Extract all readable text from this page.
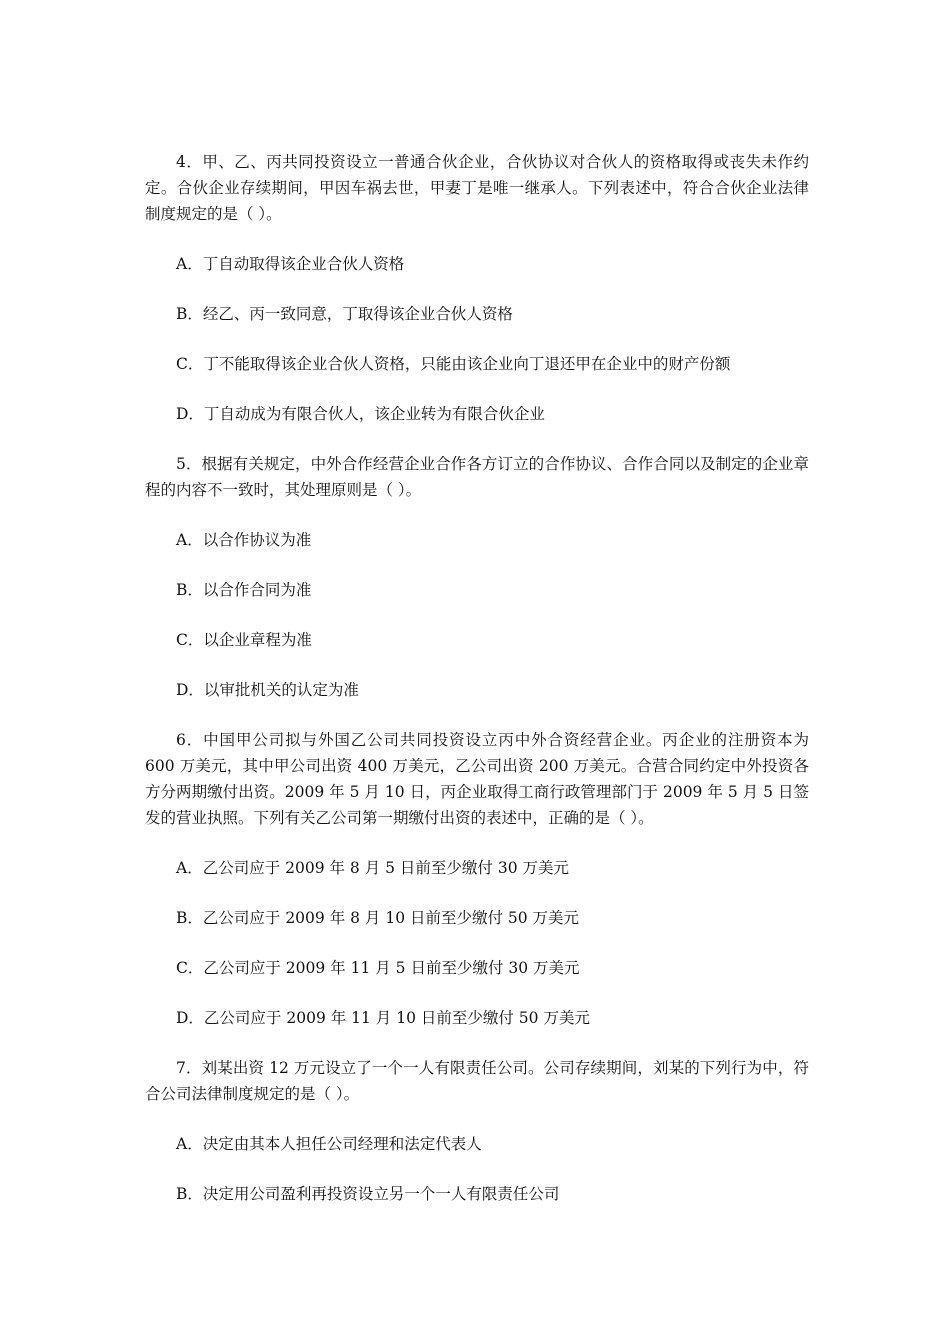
4．甲、乙、丙共同投资设立一普通合伙企业，合伙协议对合伙人的资格取得或丧失未作约定。合伙企业存续期间，甲因车祸去世，甲妻丁是唯一继承人。下列表述中，符合合伙企业法律制度规定的是（ ）。

A．丁自动取得该企业合伙人资格

B．经乙、丙一致同意，丁取得该企业合伙人资格

C．丁不能取得该企业合伙人资格，只能由该企业向丁退还甲在企业中的财产份额

D．丁自动成为有限合伙人，该企业转为有限合伙企业

5．根据有关规定，中外合作经营企业合作各方订立的合作协议、合作合同以及制定的企业章程的内容不一致时，其处理原则是（ ）。

A．以合作协议为准

B．以合作合同为准

C．以企业章程为准

D．以审批机关的认定为准

6．中国甲公司拟与外国乙公司共同投资设立丙中外合资经营企业。丙企业的注册资本为 600 万美元，其中甲公司出资 400 万美元，乙公司出资 200 万美元。合营合同约定中外投资各方分两期缴付出资。2009 年 5 月 10 日，丙企业取得工商行政管理部门于 2009 年 5 月 5 日签发的营业执照。下列有关乙公司第一期缴付出资的表述中，正确的是（ ）。

A．乙公司应于 2009 年 8 月 5 日前至少缴付 30 万美元

B．乙公司应于 2009 年 8 月 10 日前至少缴付 50 万美元

C．乙公司应于 2009 年 11 月 5 日前至少缴付 30 万美元

D．乙公司应于 2009 年 11 月 10 日前至少缴付 50 万美元

7．刘某出资 12 万元设立了一个一人有限责任公司。公司存续期间，刘某的下列行为中，符合公司法律制度规定的是（ ）。

A．决定由其本人担任公司经理和法定代表人

B．决定用公司盈利再投资设立另一个一人有限责任公司
